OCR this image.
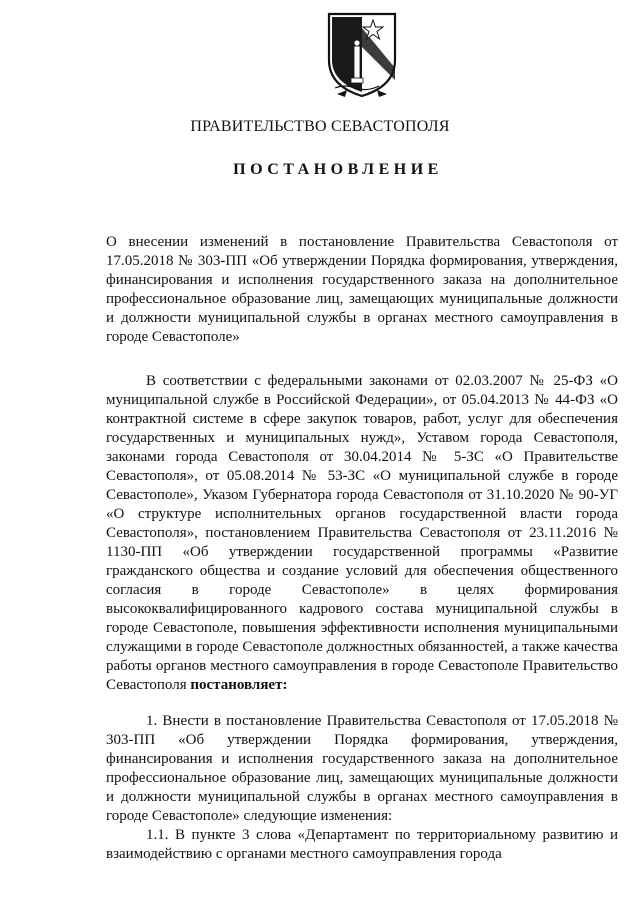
ПРАВИТЕЛЬСТВО СЕВАСТОПОЛЯ
ПОСТАНОВЛЕНИЕ
О внесении изменений в постановление Правительства Севастополя от 17.05.2018 № 303-ПП «Об утверждении Порядка формирования, утверждения, финансирования и исполнения государственного заказа на дополнительное профессиональное образование лиц, замещающих муниципальные должности и должности муниципальной службы в органах местного самоуправления в городе Севастополе»

В соответствии с федеральными законами от 02.03.2007 № 25-ФЗ «О муниципальной службе в Российской Федерации», от 05.04.2013 № 44-ФЗ «О контрактной системе в сфере закупок товаров, работ, услуг для обеспечения государственных и муниципальных нужд», Уставом города Севастополя, законами города Севастополя от 30.04.2014 № 5-ЗС «О Правительстве Севастополя», от 05.08.2014 № 53-ЗС «О муниципальной службе в городе Севастополе», Указом Губернатора города Севастополя от 31.10.2020 № 90-УГ «О структуре исполнительных органов государственной власти города Севастополя», постановлением Правительства Севастополя от 23.11.2016 № 1130-ПП «Об утверждении государственной программы «Развитие гражданского общества и создание условий для обеспечения общественного согласия в городе Севастополе» в целях формирования высококвалифицированного кадрового состава муниципальной службы в городе Севастополе, повышения эффективности исполнения муниципальными служащими в городе Севастополе должностных обязанностей, а также качества работы органов местного самоуправления в городе Севастополе Правительство Севастополя постановляет:

1. Внести в постановление Правительства Севастополя от 17.05.2018 № 303-ПП «Об утверждении Порядка формирования, утверждения, финансирования и исполнения государственного заказа на дополнительное профессиональное образование лиц, замещающих муниципальные должности и должности муниципальной службы в органах местного самоуправления в городе Севастополе» следующие изменения:

1.1. В пункте 3 слова «Департамент по территориальному развитию и взаимодействию с органами местного самоуправления города
